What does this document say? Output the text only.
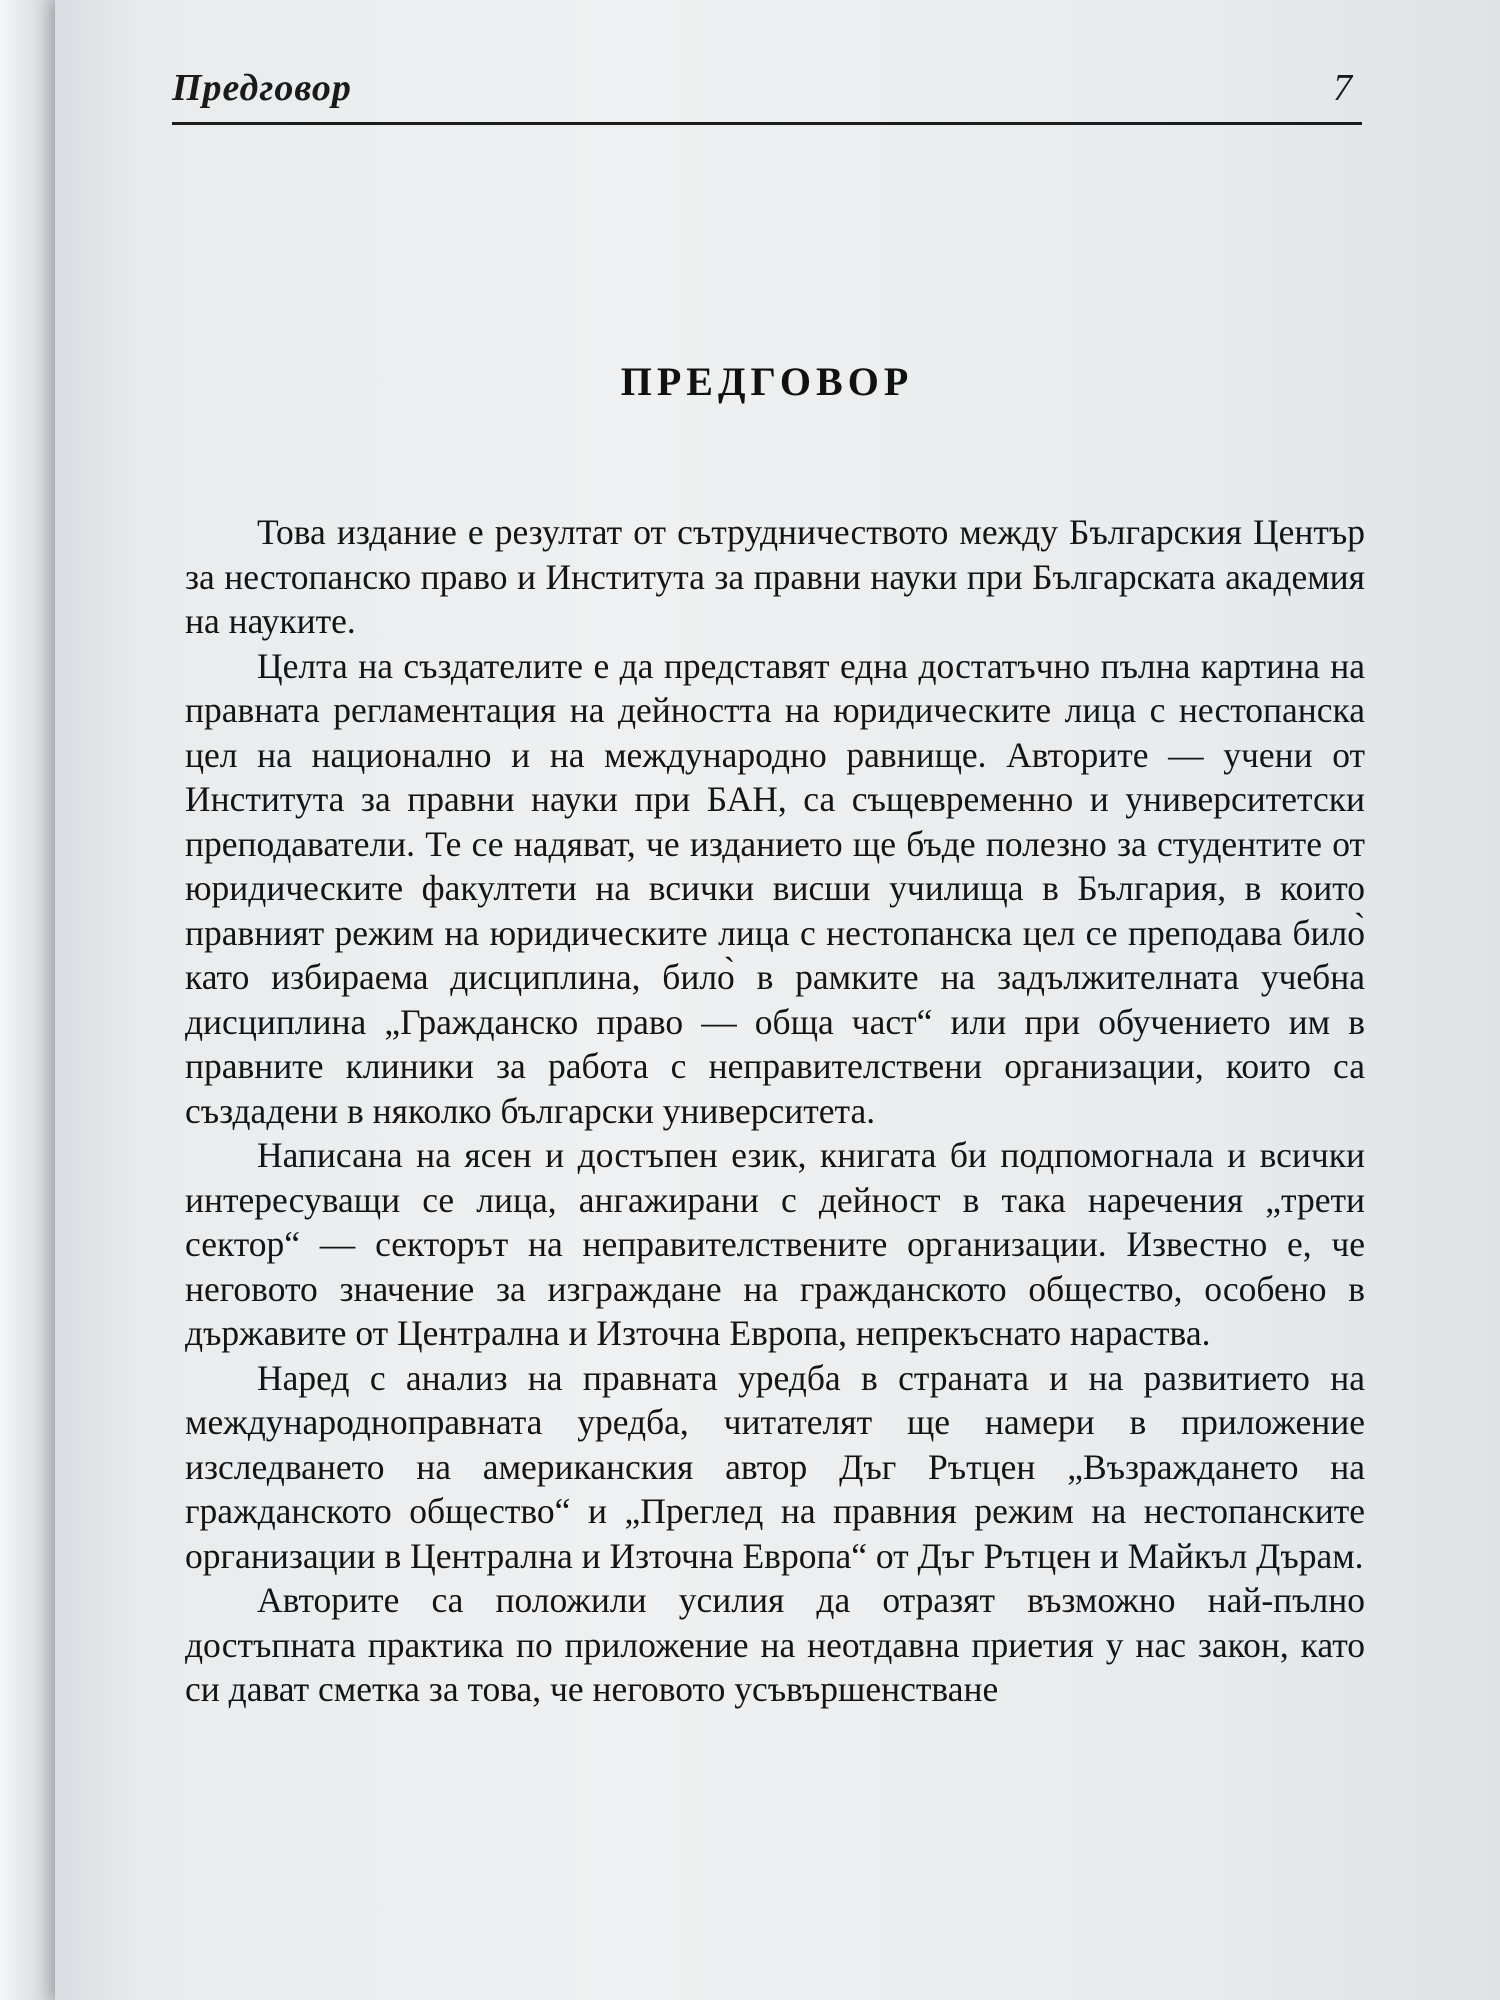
Предговор	7
ПРЕДГОВОР

Това издание е резултат от сътрудничеството между Българския Център за нестопанско право и Института за правни науки при Българската академия на науките.

Целта на създателите е да представят една достатъчно пълна картина на правната регламентация на дейността на юридическите лица с нестопанска цел на национално и на международно равнище. Авторите — учени от Института за правни науки при БАН, са същевременно и университетски преподаватели. Те се надяват, че изданието ще бъде полезно за студентите от юридическите факултети на всички висши училища в България, в които правният режим на юридическите лица с нестопанска цел се преподава било̀ като избираема дисциплина, било̀ в рамките на задължителната учебна дисциплина „Гражданско право — обща част“ или при обучението им в правните клиники за работа с неправителствени организации, които са създадени в няколко български университета.

Написана на ясен и достъпен език, книгата би подпомогнала и всички интересуващи се лица, ангажирани с дейност в така наречения „трети сектор“ — секторът на неправителствените организации. Известно е, че неговото значение за изграждане на гражданското общество, особено в държавите от Централна и Източна Европа, непрекъснато нараства.

Наред с анализ на правната уредба в страната и на развитието на международноправната уредба, читателят ще намери в приложение изследването на американския автор Дъг Рътцен „Възраждането на гражданското общество“ и „Преглед на правния режим на нестопанските организации в Централна и Източна Европа“ от Дъг Рътцен и Майкъл Дърам.

Авторите са положили усилия да отразят възможно най-пълно достъпната практика по приложение на неотдавна приетия у нас закон, като си дават сметка за това, че неговото усъвършенстване
